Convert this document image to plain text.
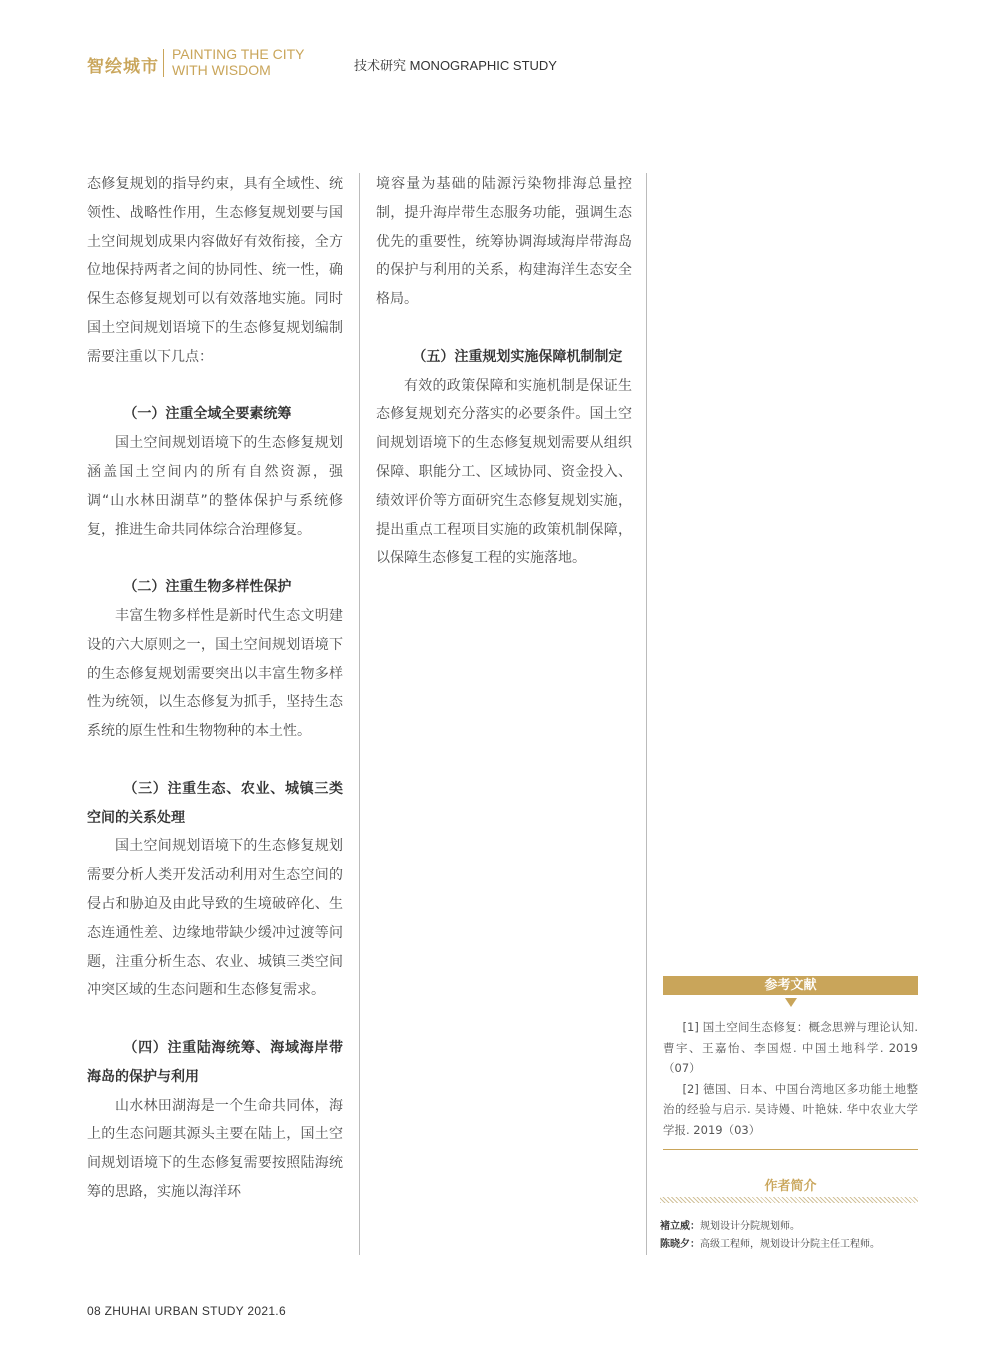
智绘城市
PAINTING THE CITY
WITH WISDOM	技术研究 MONOGRAPHIC STUDY

态修复规划的指导约束，具有全域性、统领性、战略性作用，生态修复规划要与国土空间规划成果内容做好有效衔接，全方位地保持两者之间的协同性、统一性，确保生态修复规划可以有效落地实施。同时国土空间规划语境下的生态修复规划编制需要注重以下几点：

（一）注重全域全要素统筹

国土空间规划语境下的生态修复规划涵盖国土空间内的所有自然资源，强调“山水林田湖草”的整体保护与系统修复，推进生命共同体综合治理修复。

（二）注重生物多样性保护

丰富生物多样性是新时代生态文明建设的六大原则之一，国土空间规划语境下的生态修复规划需要突出以丰富生物多样性为统领，以生态修复为抓手，坚持生态系统的原生性和生物物种的本土性。

（三）注重生态、农业、城镇三类空间的关系处理

国土空间规划语境下的生态修复规划需要分析人类开发活动利用对生态空间的侵占和胁迫及由此导致的生境破碎化、生态连通性差、边缘地带缺少缓冲过渡等问题，注重分析生态、农业、城镇三类空间冲突区域的生态问题和生态修复需求。

（四）注重陆海统筹、海域海岸带海岛的保护与利用

山水林田湖海是一个生命共同体，海上的生态问题其源头主要在陆上，国土空间规划语境下的生态修复需要按照陆海统筹的思路，实施以海洋环

境容量为基础的陆源污染物排海总量控制，提升海岸带生态服务功能，强调生态优先的重要性，统筹协调海域海岸带海岛的保护与利用的关系，构建海洋生态安全格局。

（五）注重规划实施保障机制制定

有效的政策保障和实施机制是保证生态修复规划充分落实的必要条件。国土空间规划语境下的生态修复规划需要从组织保障、职能分工、区域协同、资金投入、绩效评价等方面研究生态修复规划实施，提出重点工程项目实施的政策机制保障，以保障生态修复工程的实施落地。

参考文献

[1] 国土空间生态修复：概念思辨与理论认知. 曹宇、王嘉怡、李国煜. 中国土地科学. 2019（07）

[2] 德国、日本、中国台湾地区多功能土地整治的经验与启示. 吴诗嫚、叶艳妹. 华中农业大学学报. 2019（03）

作者简介

褚立威：规划设计分院规划师。

陈晓夕：高级工程师，规划设计分院主任工程师。

08 ZHUHAI URBAN STUDY 2021.6
